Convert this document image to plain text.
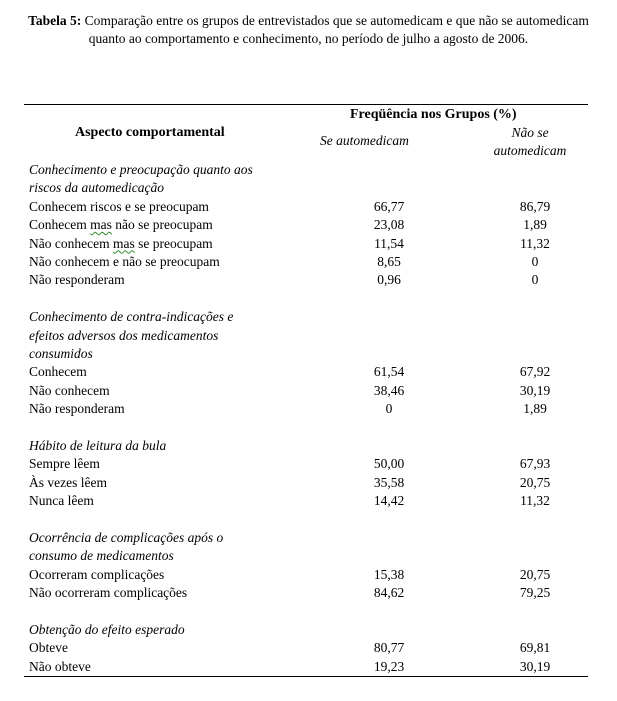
Tabela 5: Comparação entre os grupos de entrevistados que se automedicam e que não se automedicam quanto ao comportamento e conhecimento, no período de julho a agosto de 2006.
Aspecto comportamental
Freqüência nos Grupos (%)
Se automedicam
Não se
automedicam
Conhecimento e preocupação quanto aos
riscos da automedicação
Conhecem riscos e se preocupam	66,77	86,79
Conhecem mas não se preocupam	23,08	1,89
Não conhecem mas se preocupam	11,54	11,32
Não conhecem e não se preocupam	8,65	0
Não responderam	0,96	0
Conhecimento de contra-indicações e
efeitos adversos dos medicamentos
consumidos
Conhecem	61,54	67,92
Não conhecem	38,46	30,19
Não responderam	0	1,89
Hábito de leitura da bula
Sempre lêem	50,00	67,93
Às vezes lêem	35,58	20,75
Nunca lêem	14,42	11,32
Ocorrência de complicações após o
consumo de medicamentos
Ocorreram complicações	15,38	20,75
Não ocorreram complicações	84,62	79,25
Obtenção do efeito esperado
Obteve	80,77	69,81
Não obteve	19,23	30,19
